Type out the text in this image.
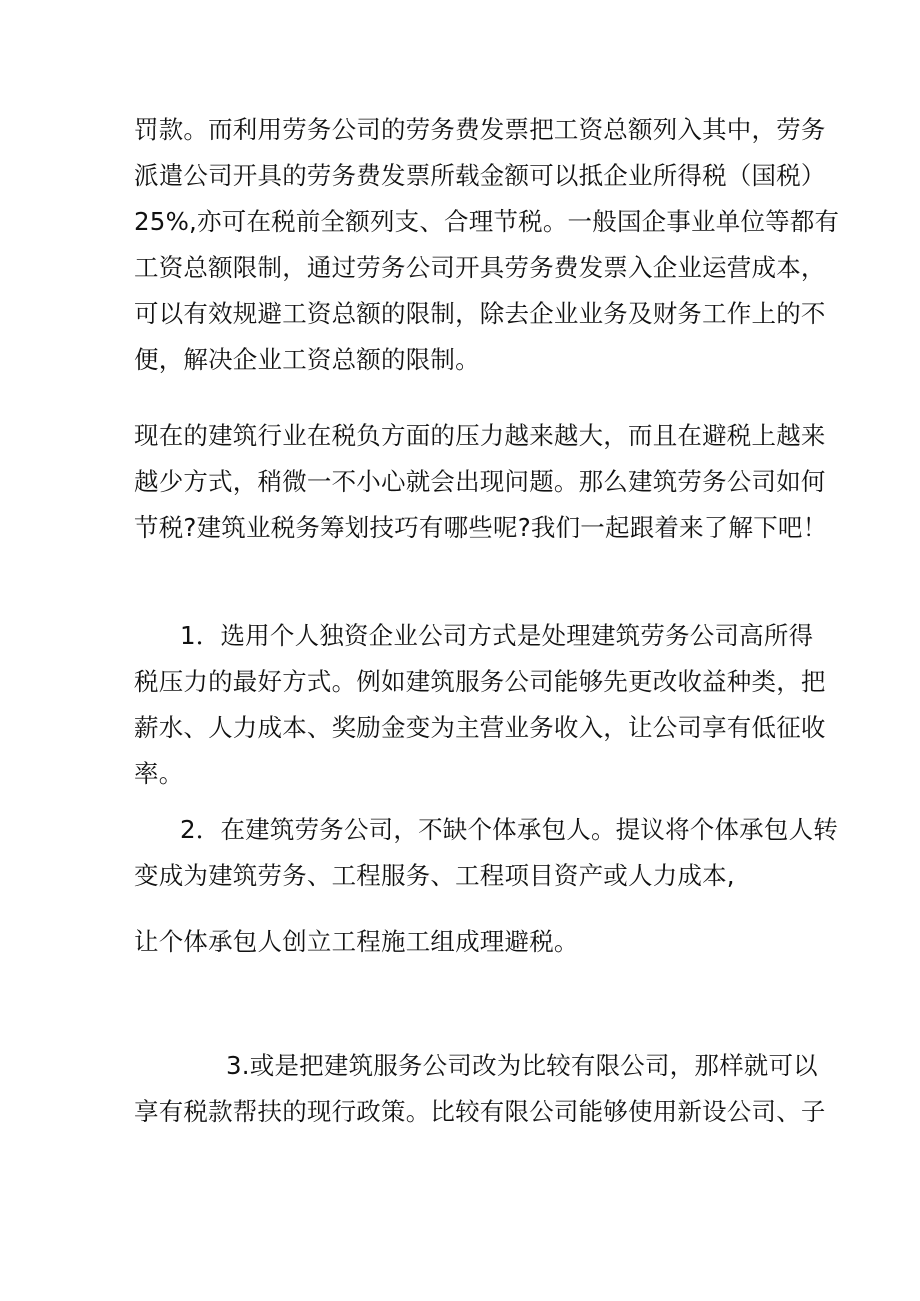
罚款。而利用劳务公司的劳务费发票把工资总额列入其中，劳务
派遣公司开具的劳务费发票所载金额可以抵企业所得税（国税）
25%,亦可在税前全额列支、合理节税。一般国企事业单位等都有
工资总额限制，通过劳务公司开具劳务费发票入企业运营成本，
可以有效规避工资总额的限制，除去企业业务及财务工作上的不
便，解决企业工资总额的限制。
现在的建筑行业在税负方面的压力越来越大，而且在避税上越来
越少方式，稍微一不小心就会出现问题。那么建筑劳务公司如何
节税?建筑业税务筹划技巧有哪些呢?我们一起跟着来了解下吧！
1．选用个人独资企业公司方式是处理建筑劳务公司高所得
税压力的最好方式。例如建筑服务公司能够先更改收益种类，把
薪水、人力成本、奖励金变为主营业务收入，让公司享有低征收
率。
2．在建筑劳务公司，不缺个体承包人。提议将个体承包人转
变成为建筑劳务、工程服务、工程项目资产或人力成本,
让个体承包人创立工程施工组成理避税。
3.或是把建筑服务公司改为比较有限公司，那样就可以
享有税款帮扶的现行政策。比较有限公司能够使用新设公司、子
